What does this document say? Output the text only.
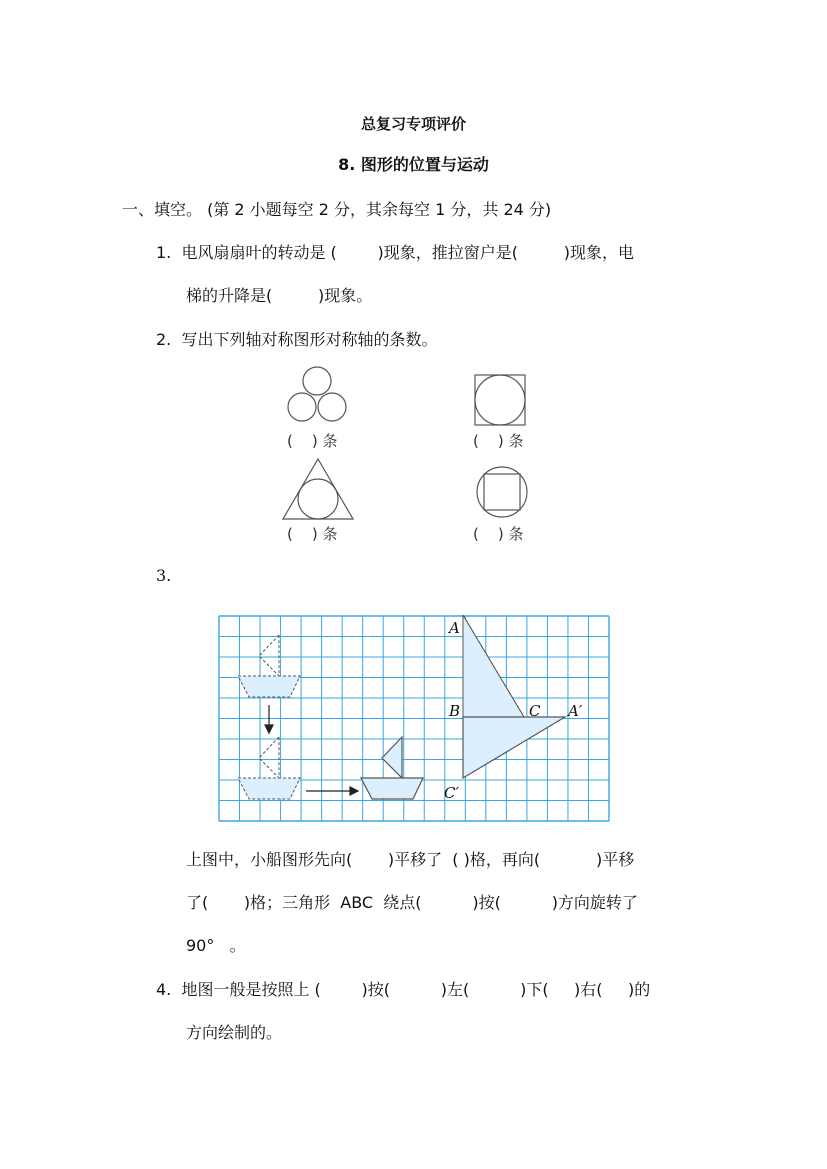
总复习专项评价
8. 图形的位置与运动
一、填空。 (第 2 小题每空 2 分，其余每空 1 分，共 24 分)
1.  电风扇扇叶的转动是 (        )现象，推拉窗户是(         )现象，电
梯的升降是(         )现象。
2.  写出下列轴对称图形对称轴的条数。
(    ) 条	(    ) 条
(    ) 条	(    ) 条
3.
A
B	C A′
C′
上图中，小船图形先向(       )平移了  ( )格，再向(           )平移
了(       )格；三角形  ABC  绕点(          )按(          )方向旋转了
90°   。
4.  地图一般是按照上 (        )按(          )左(          )下(     )右(     )的
方向绘制的。
